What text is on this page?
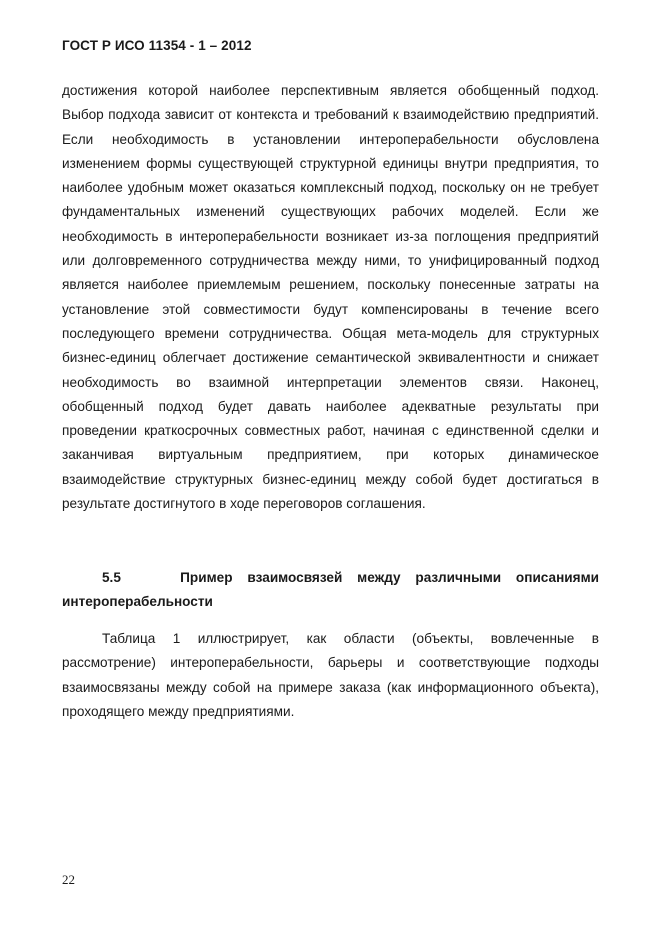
ГОСТ Р ИСО 11354 - 1 – 2012

достижения которой наиболее перспективным является обобщенный подход. Выбор подхода зависит от контекста и требований к взаимодействию предприятий. Если необходимость в установлении интероперабельности обусловлена изменением формы существующей структурной единицы внутри предприятия, то наиболее удобным может оказаться комплексный подход, поскольку он не требует фундаментальных изменений существующих рабочих моделей. Если же необходимость в интероперабельности возникает из-за поглощения предприятий или долговременного сотрудничества между ними, то унифицированный подход является наиболее приемлемым решением, поскольку понесенные затраты на установление этой совместимости будут компенсированы в течение всего последующего времени сотрудничества. Общая мета-модель для структурных бизнес-единиц облегчает достижение семантической эквивалентности и снижает необходимость во взаимной интерпретации элементов связи. Наконец, обобщенный подход будет давать наиболее адекватные результаты при проведении краткосрочных совместных работ, начиная с единственной сделки и заканчивая виртуальным предприятием, при которых динамическое взаимодействие структурных бизнес-единиц между собой будет достигаться в результате достигнутого в ходе переговоров соглашения.

5.5	Пример взаимосвязей между различными описаниями интероперабельности

Таблица 1 иллюстрирует, как области (объекты, вовлеченные в рассмотрение) интероперабельности, барьеры и соответствующие подходы взаимосвязаны между собой на примере заказа (как информационного объекта), проходящего между предприятиями.

22
